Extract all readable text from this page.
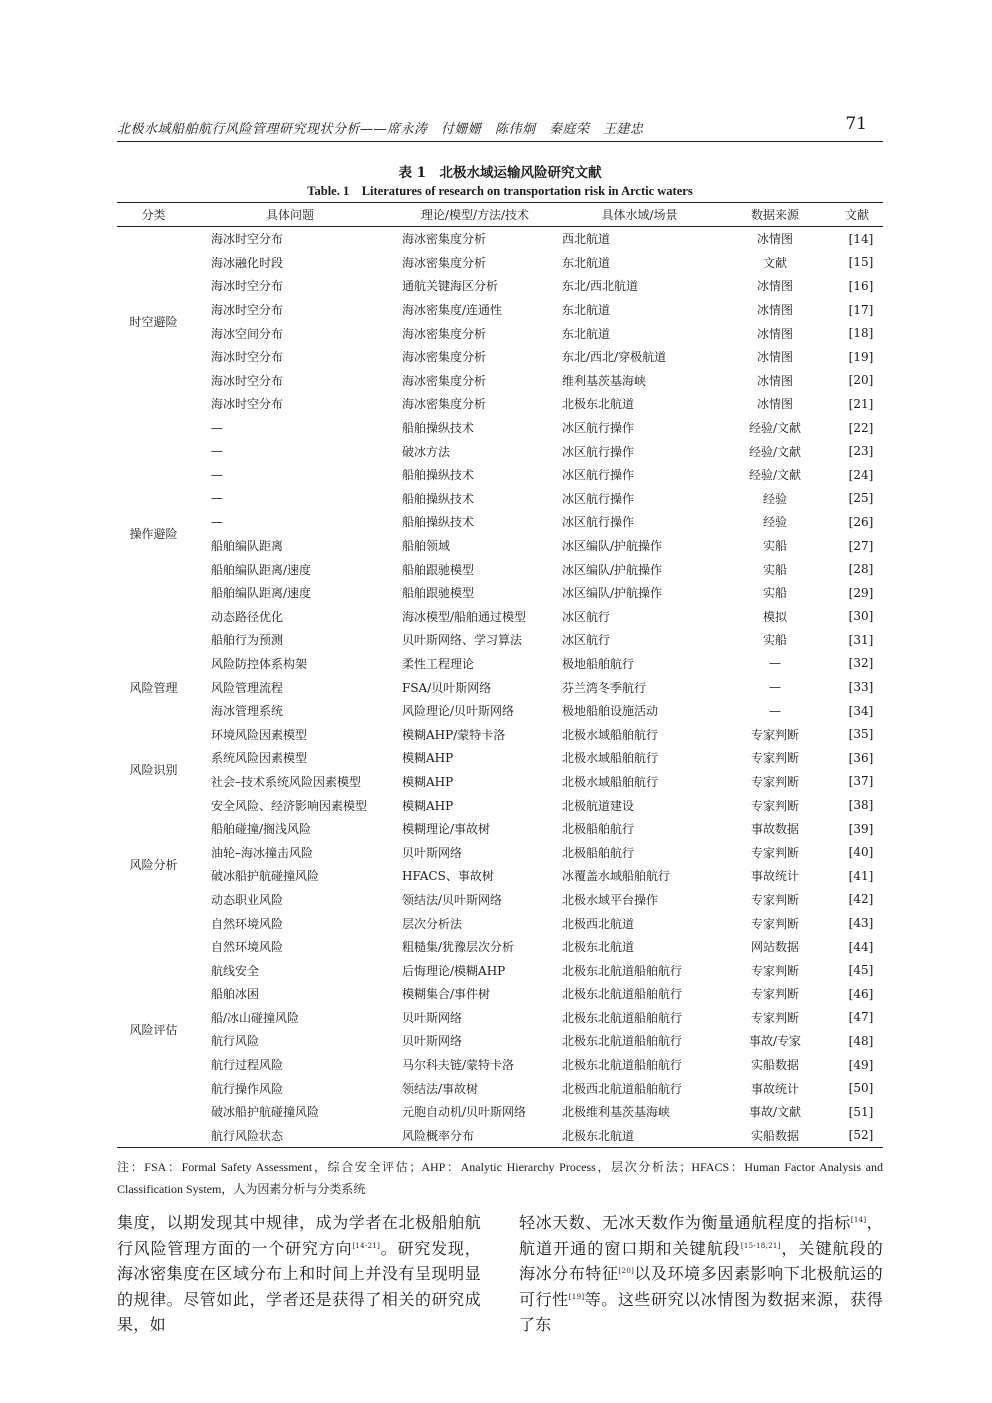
北极水域船舶航行风险管理研究现状分析——席永涛　付姗姗　陈伟炯　秦庭荣　王建忠	71
表 1　北极水域运输风险研究文献
Table. 1　Literatures of research on transportation risk in Arctic waters
分类	具体问题	理论/模型/方法/技术	具体水域/场景	数据来源	文献
时空避险	海冰时空分布	海冰密集度分析	西北航道	冰情图	[14]
	海冰融化时段	海冰密集度分析	东北航道	文献	[15]
	海冰时空分布	通航关键海区分析	东北/西北航道	冰情图	[16]
	海冰时空分布	海冰密集度/连通性	东北航道	冰情图	[17]
	海冰空间分布	海冰密集度分析	东北航道	冰情图	[18]
	海冰时空分布	海冰密集度分析	东北/西北/穿极航道	冰情图	[19]
	海冰时空分布	海冰密集度分析	维利基茨基海峡	冰情图	[20]
	海冰时空分布	海冰密集度分析	北极东北航道	冰情图	[21]
操作避险	—	船舶操纵技术	冰区航行操作	经验/文献	[22]
	—	破冰方法	冰区航行操作	经验/文献	[23]
	—	船舶操纵技术	冰区航行操作	经验/文献	[24]
	—	船舶操纵技术	冰区航行操作	经验	[25]
	—	船舶操纵技术	冰区航行操作	经验	[26]
	船舶编队距离	船舶领域	冰区编队/护航操作	实船	[27]
	船舶编队距离/速度	船舶跟驰模型	冰区编队/护航操作	实船	[28]
	船舶编队距离/速度	船舶跟驰模型	冰区编队/护航操作	实船	[29]
	动态路径优化	海冰模型/船舶通过模型	冰区航行	模拟	[30]
	船舶行为预测	贝叶斯网络、学习算法	冰区航行	实船	[31]
风险管理	风险防控体系构架	柔性工程理论	极地船舶航行	—	[32]
	风险管理流程	FSA/贝叶斯网络	芬兰湾冬季航行	—	[33]
	海冰管理系统	风险理论/贝叶斯网络	极地船舶设施活动	—	[34]
风险识别	环境风险因素模型	模糊AHP/蒙特卡洛	北极水域船舶航行	专家判断	[35]
	系统风险因素模型	模糊AHP	北极水域船舶航行	专家判断	[36]
	社会–技术系统风险因素模型	模糊AHP	北极水域船舶航行	专家判断	[37]
	安全风险、经济影响因素模型	模糊AHP	北极航道建设	专家判断	[38]
风险分析	船舶碰撞/搁浅风险	模糊理论/事故树	北极船舶航行	事故数据	[39]
	油轮–海冰撞击风险	贝叶斯网络	北极船舶航行	专家判断	[40]
	破冰船护航碰撞风险	HFACS、事故树	冰覆盖水域船舶航行	事故统计	[41]
	动态职业风险	领结法/贝叶斯网络	北极水域平台操作	专家判断	[42]
风险评估	自然环境风险	层次分析法	北极西北航道	专家判断	[43]
	自然环境风险	粗糙集/犹豫层次分析	北极东北航道	网站数据	[44]
	航线安全	后悔理论/模糊AHP	北极东北航道船舶航行	专家判断	[45]
	船舶冰困	模糊集合/事件树	北极东北航道船舶航行	专家判断	[46]
	船/冰山碰撞风险	贝叶斯网络	北极东北航道船舶航行	专家判断	[47]
	航行风险	贝叶斯网络	北极东北航道船舶航行	事故/专家	[48]
	航行过程风险	马尔科夫链/蒙特卡洛	北极东北航道船舶航行	实船数据	[49]
	航行操作风险	领结法/事故树	北极西北航道船舶航行	事故统计	[50]
	破冰船护航碰撞风险	元胞自动机/贝叶斯网络	北极维利基茨基海峡	事故/文献	[51]
	航行风险状态	风险概率分布	北极东北航道	实船数据	[52]
注：FSA：Formal Safety Assessment，综合安全评估；AHP：Analytic Hierarchy Process，层次分析法；HFACS：Human Factor Analysis and Classification System，人为因素分析与分类系统
集度，以期发现其中规律，成为学者在北极船舶航行风险管理方面的一个研究方向[14-21]。研究发现，海冰密集度在区域分布上和时间上并没有呈现明显的规律。尽管如此，学者还是获得了相关的研究成果，如
轻冰天数、无冰天数作为衡量通航程度的指标[14]，航道开通的窗口期和关键航段[15-18,21]，关键航段的海冰分布特征[20]以及环境多因素影响下北极航运的可行性[19]等。这些研究以冰情图为数据来源，获得了东
